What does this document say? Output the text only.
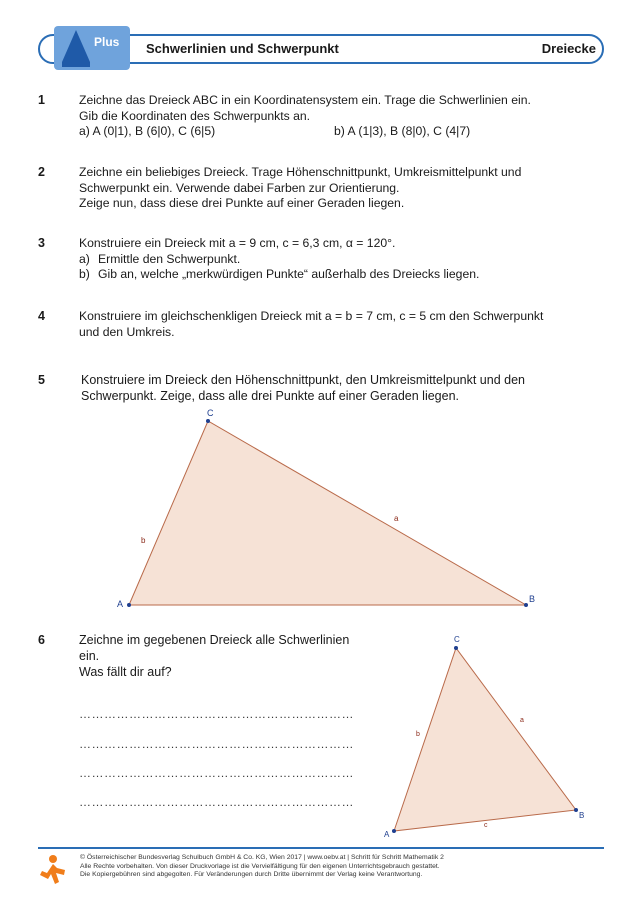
Plus Schwerlinien und Schwerpunkt	Dreiecke
1	Zeichne das Dreieck ABC in ein Koordinatensystem ein. Trage die Schwerlinien ein.
Gib die Koordinaten des Schwerpunkts an.
a) A (0|1), B (6|0), C (6|5)	b) A (1|3), B (8|0), C (4|7)
2	Zeichne ein beliebiges Dreieck. Trage Höhenschnittpunkt, Umkreismittelpunkt und
Schwerpunkt ein. Verwende dabei Farben zur Orientierung.
Zeige nun, dass diese drei Punkte auf einer Geraden liegen.
3	Konstruiere ein Dreieck mit a = 9 cm, c = 6,3 cm, α = 120°.
a) Ermittle den Schwerpunkt.
b) Gib an, welche „merkwürdigen Punkte“ außerhalb des Dreiecks liegen.
4	Konstruiere im gleichschenkligen Dreieck mit a = b = 7 cm, c = 5 cm den Schwerpunkt
und den Umkreis.
5	Konstruiere im Dreieck den Höhenschnittpunkt, den Umkreismittelpunkt und den
Schwerpunkt. Zeige, dass alle drei Punkte auf einer Geraden liegen.
A	B
C
a
b
A
B
C
a
b
c
6	Zeichne im gegebenen Dreieck alle Schwerlinien
ein.
Was fällt dir auf?
…………………………………………………………
…………………………………………………………
…………………………………………………………
…………………………………………………………
© Österreichischer Bundesverlag Schulbuch GmbH & Co. KG, Wien 2017 | www.oebv.at | Schritt für Schritt Mathematik 2
Alle Rechte vorbehalten. Von dieser Druckvorlage ist die Vervielfältigung für den eigenen Unterrichtsgebrauch gestattet.
Die Kopiergebühren sind abgegolten. Für Veränderungen durch Dritte übernimmt der Verlag keine Verantwortung.
